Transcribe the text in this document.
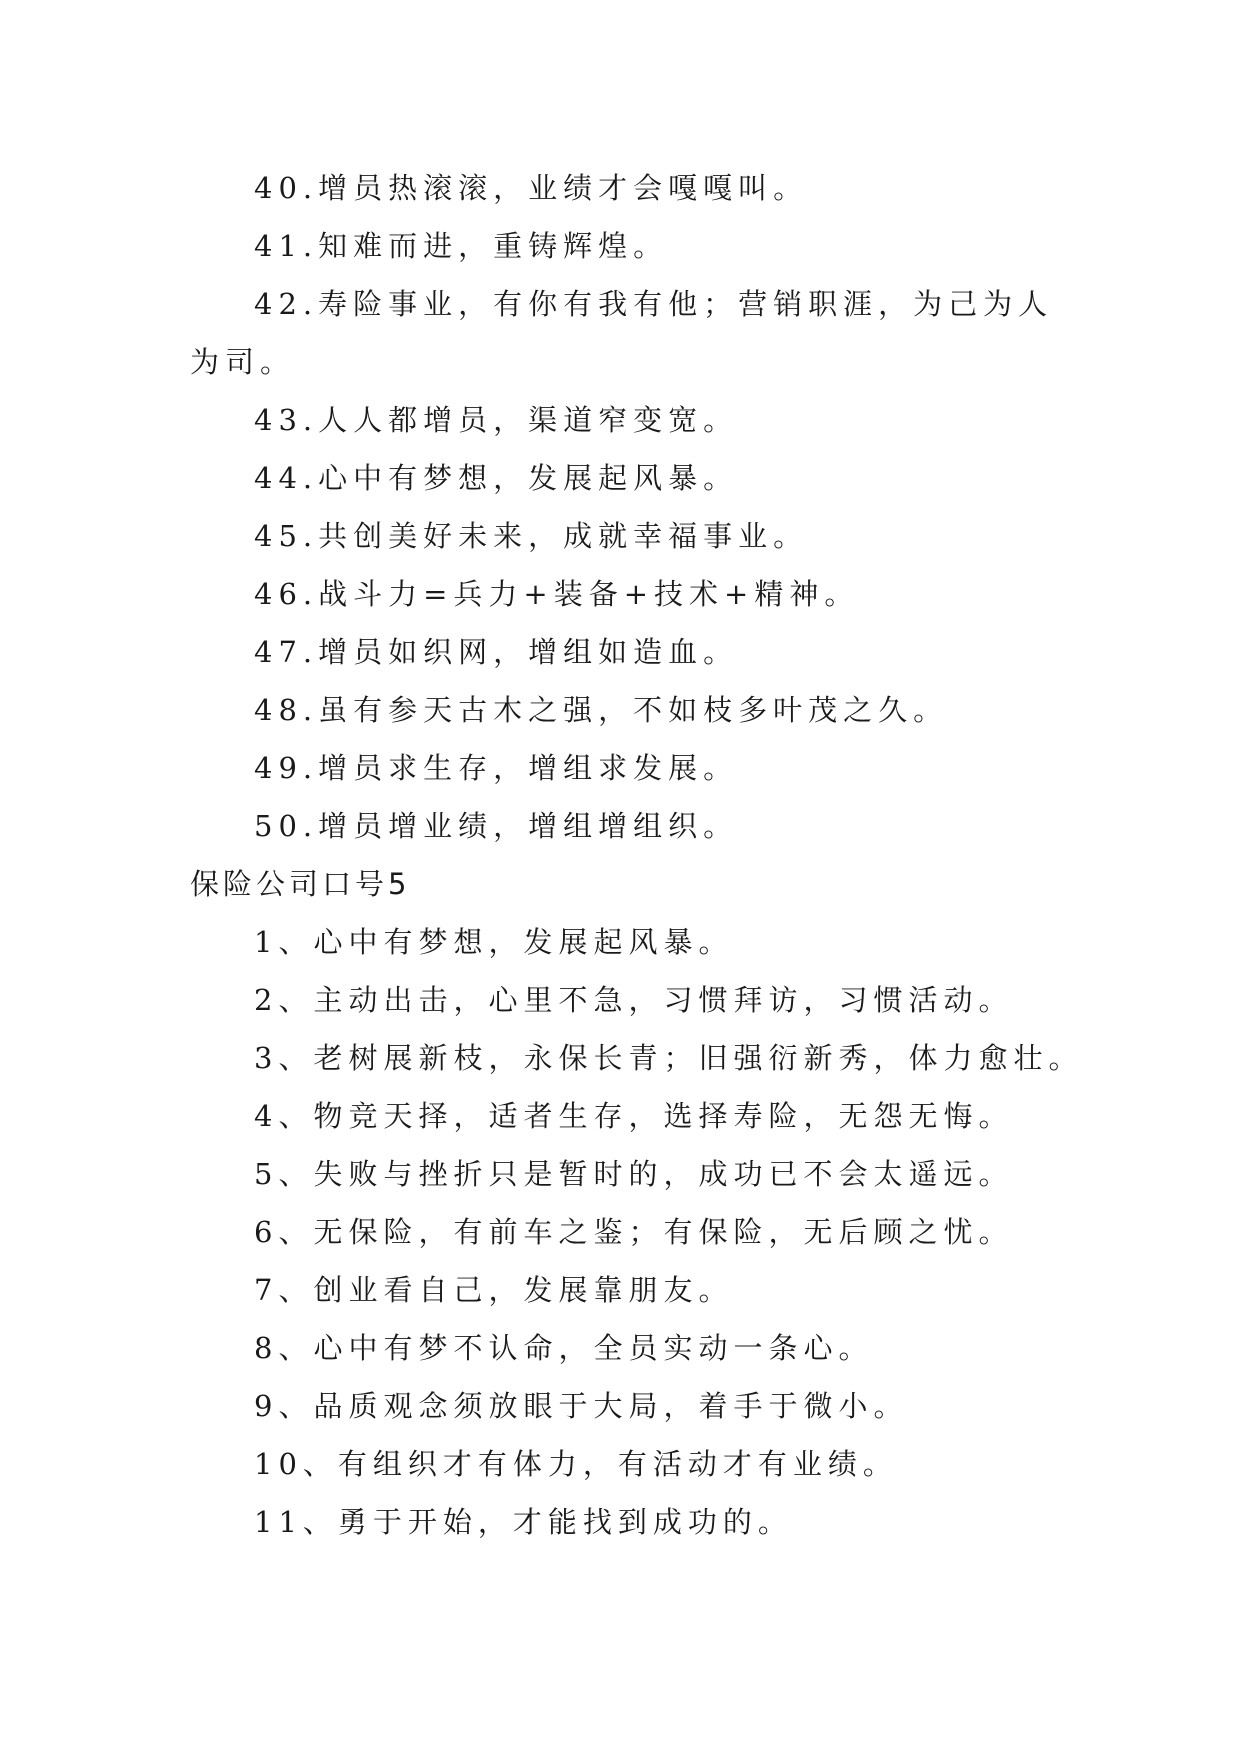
40.增员热滚滚，业绩才会嘎嘎叫。
41.知难而进，重铸辉煌。
42.寿险事业，有你有我有他；营销职涯，为己为人为司。
43.人人都增员，渠道窄变宽。
44.心中有梦想，发展起风暴。
45.共创美好未来，成就幸福事业。
46.战斗力=兵力+装备+技术+精神。
47.增员如织网，增组如造血。
48.虽有参天古木之强，不如枝多叶茂之久。
49.增员求生存，增组求发展。
50.增员增业绩，增组增组织。
保险公司口号5
1、心中有梦想，发展起风暴。
2、主动出击，心里不急，习惯拜访，习惯活动。
3、老树展新枝，永保长青；旧强衍新秀，体力愈壮。
4、物竞天择，适者生存，选择寿险，无怨无悔。
5、失败与挫折只是暂时的，成功已不会太遥远。
6、无保险，有前车之鉴；有保险，无后顾之忧。
7、创业看自己，发展靠朋友。
8、心中有梦不认命，全员实动一条心。
9、品质观念须放眼于大局，着手于微小。
10、有组织才有体力，有活动才有业绩。
11、勇于开始，才能找到成功的。
